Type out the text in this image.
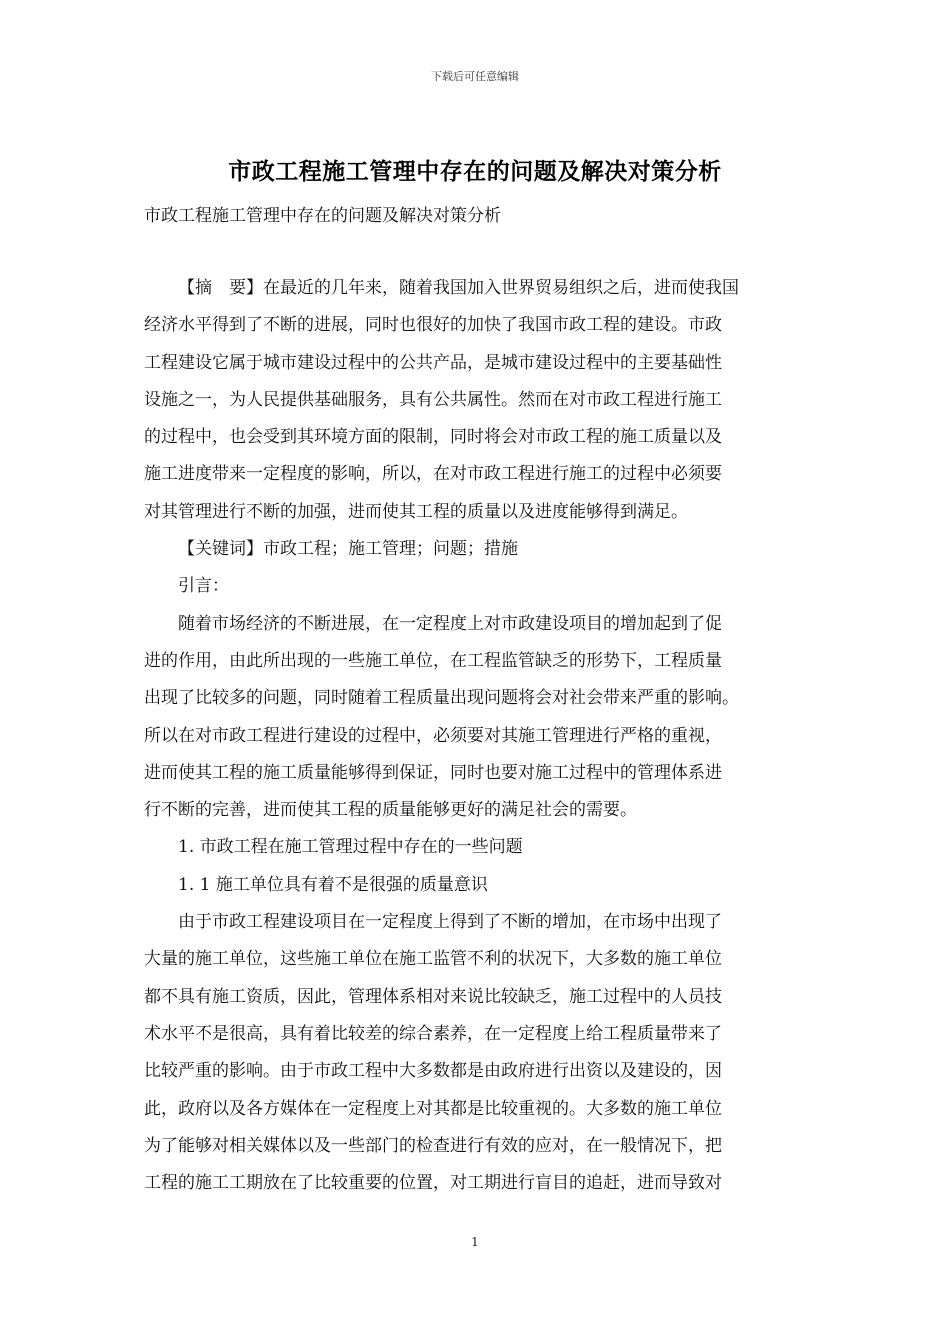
下载后可任意编辑
市政工程施工管理中存在的问题及解决对策分析
市政工程施工管理中存在的问题及解决对策分析

【摘　要】在最近的几年来，随着我国加入世界贸易组织之后，进而使我国

经济水平得到了不断的进展，同时也很好的加快了我国市政工程的建设。市政
工程建设它属于城市建设过程中的公共产品，是城市建设过程中的主要基础性
设施之一，为人民提供基础服务，具有公共属性。然而在对市政工程进行施工
的过程中，也会受到其环境方面的限制，同时将会对市政工程的施工质量以及
施工进度带来一定程度的影响，所以，在对市政工程进行施工的过程中必须要
对其管理进行不断的加强，进而使其工程的质量以及进度能够得到满足。

【关键词】市政工程；施工管理；问题；措施

引言：

随着市场经济的不断进展，在一定程度上对市政建设项目的增加起到了促

进的作用，由此所出现的一些施工单位，在工程监管缺乏的形势下，工程质量
出现了比较多的问题，同时随着工程质量出现问题将会对社会带来严重的影响。
所以在对市政工程进行建设的过程中，必须要对其施工管理进行严格的重视，
进而使其工程的施工质量能够得到保证，同时也要对施工过程中的管理体系进
行不断的完善，进而使其工程的质量能够更好的满足社会的需要。

1. 市政工程在施工管理过程中存在的一些问题

1. 1 施工单位具有着不是很强的质量意识

由于市政工程建设项目在一定程度上得到了不断的增加，在市场中出现了

大量的施工单位，这些施工单位在施工监管不利的状况下，大多数的施工单位
都不具有施工资质，因此，管理体系相对来说比较缺乏，施工过程中的人员技
术水平不是很高，具有着比较差的综合素养，在一定程度上给工程质量带来了
比较严重的影响。由于市政工程中大多数都是由政府进行出资以及建设的，因
此，政府以及各方媒体在一定程度上对其都是比较重视的。大多数的施工单位
为了能够对相关媒体以及一些部门的检查进行有效的应对，在一般情况下，把
工程的施工工期放在了比较重要的位置，对工期进行盲目的追赶，进而导致对
1
